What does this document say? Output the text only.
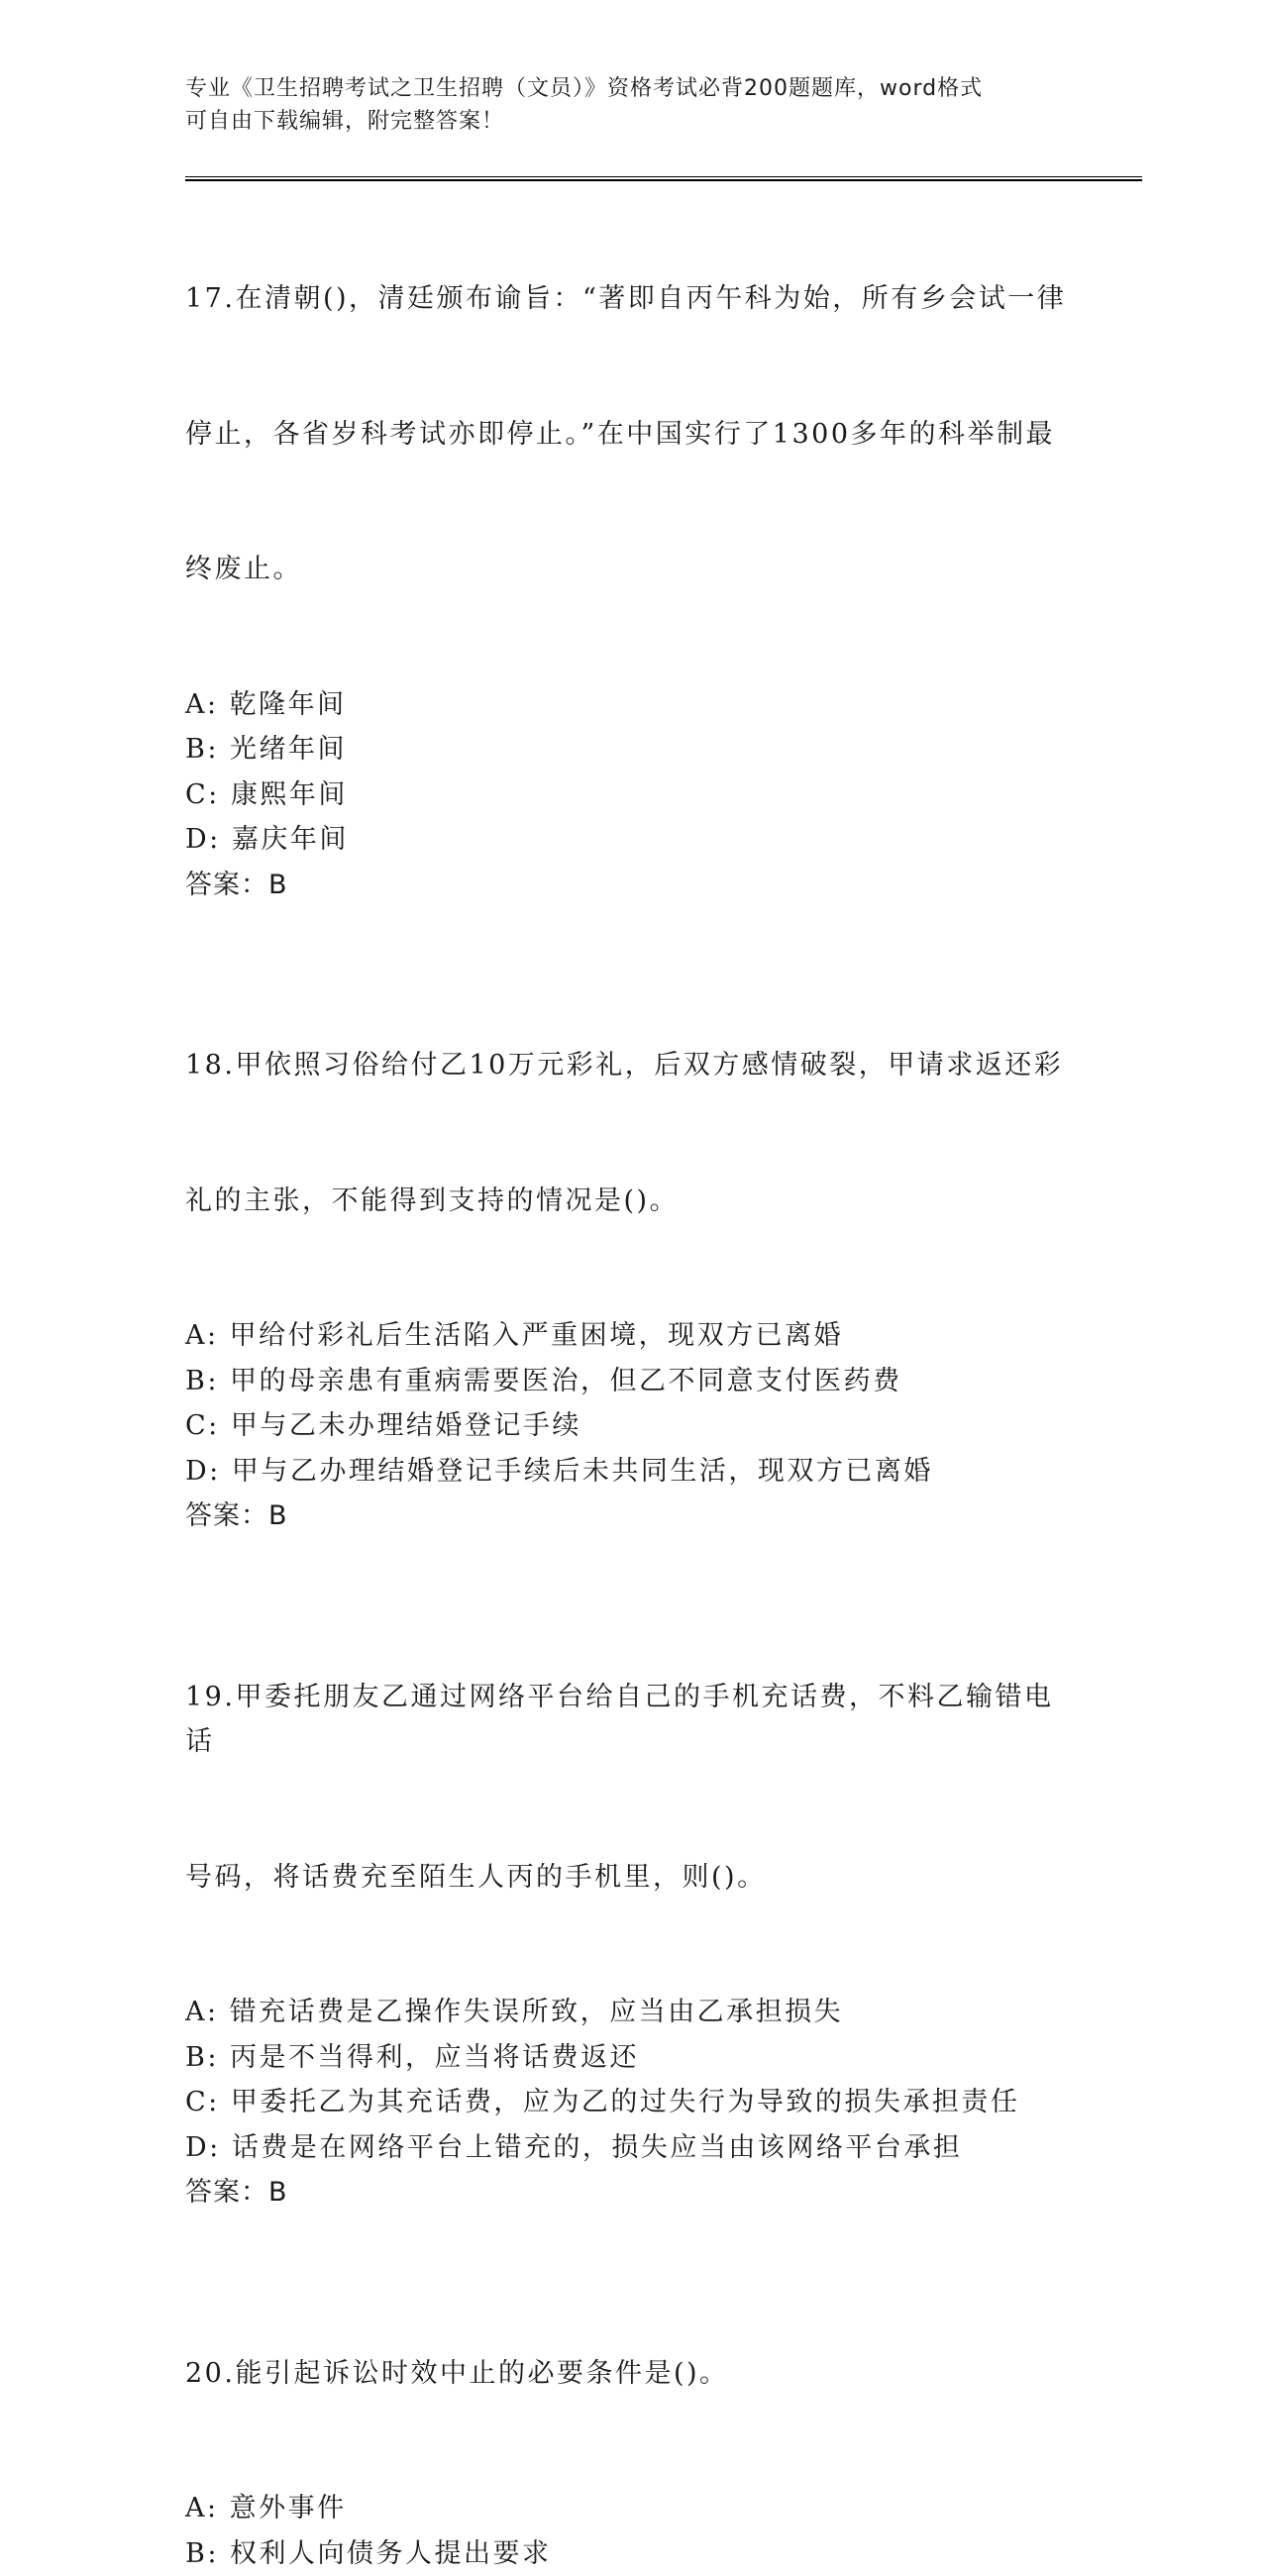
专业《卫生招聘考试之卫生招聘（文员）》资格考试必背200题题库，word格式
可自由下载编辑，附完整答案！

17.在清朝()，清廷颁布谕旨：“著即自丙午科为始，所有乡会试一律

停止，各省岁科考试亦即停止。”在中国实行了1300多年的科举制最

终废止。

A: 乾隆年间
B: 光绪年间
C: 康熙年间
D: 嘉庆年间
答案：B

18.甲依照习俗给付乙10万元彩礼，后双方感情破裂，甲请求返还彩

礼的主张，不能得到支持的情况是()。

A: 甲给付彩礼后生活陷入严重困境，现双方已离婚
B: 甲的母亲患有重病需要医治，但乙不同意支付医药费
C: 甲与乙未办理结婚登记手续
D: 甲与乙办理结婚登记手续后未共同生活，现双方已离婚
答案：B

19.甲委托朋友乙通过网络平台给自己的手机充话费，不料乙输错电话

号码，将话费充至陌生人丙的手机里，则()。

A: 错充话费是乙操作失误所致，应当由乙承担损失
B: 丙是不当得利，应当将话费返还
C: 甲委托乙为其充话费，应为乙的过失行为导致的损失承担责任
D: 话费是在网络平台上错充的，损失应当由该网络平台承担
答案：B

20.能引起诉讼时效中止的必要条件是()。

A: 意外事件
B: 权利人向债务人提出要求
